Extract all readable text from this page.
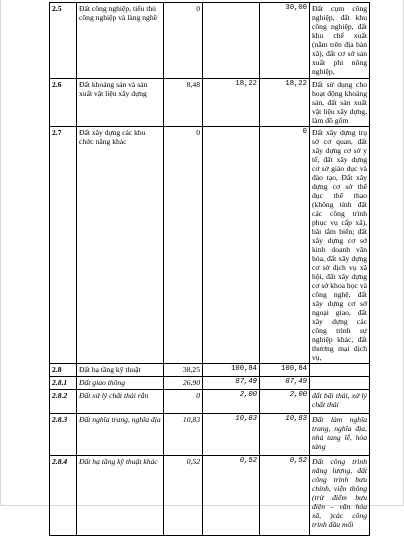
2.5	Đất công nghiệp, tiểu thủ công nghiệp và làng nghề	0		30,00	Đất cụm công nghiệp, đất khu công nghiệp, đất khu chế xuất (nằm trên địa bàn xã), đất cơ sở sản xuất phi nông nghiệp,
2.6	Đất khoáng sản và sản xuất vật liệu xây dựng	8,48	18,22	18,22	Đất sử dụng cho hoạt động khoáng sản, đất sản xuất vật liệu xây dựng, làm đồ gốm
2.7	Đất xây dựng các khu chức năng khác	0		0	Đất xây dựng trụ sở cơ quan, đất xây dựng cơ sở y tế, đất xây dựng cơ sở giáo dục và đào tạo, Đất xây dựng cơ sở thể dục thể thao (không tính đất các công trình phục vụ cấp xã), bãi tắm biển; đất xây dựng cơ sở kinh doanh văn hóa, đất xây dựng cơ sở dịch vụ xã hội, đất xây dựng cơ sở khoa học và công nghệ, đất xây dựng cơ sở ngoại giao, đất xây dựng các công trình sự nghiệp khác, đất thương mại dịch vụ,
2.8	Đất hạ tầng kỹ thuật	38,25	100,84	100,84	
2.8.1	Đất giao thông	26,90	87,49	87,49	
2.8.2	Đất xử lý chất thải rắn	0	2,00	2,00	đất bãi thải, xử lý chất thải
2.8.3	Đất nghĩa trang, nghĩa địa	10,83	10,83	10,83	Đất làm nghĩa trang, nghĩa địa, nhà tang lễ, hỏa táng
2.8.4	Đất hạ tầng kỹ thuật khác	0,52	0,52	0,52	Đất công trình năng lượng, đất công trình bưu chính, viễn thông (trừ điểm bưu điện – văn hóa xã, )các công trình đầu mối
